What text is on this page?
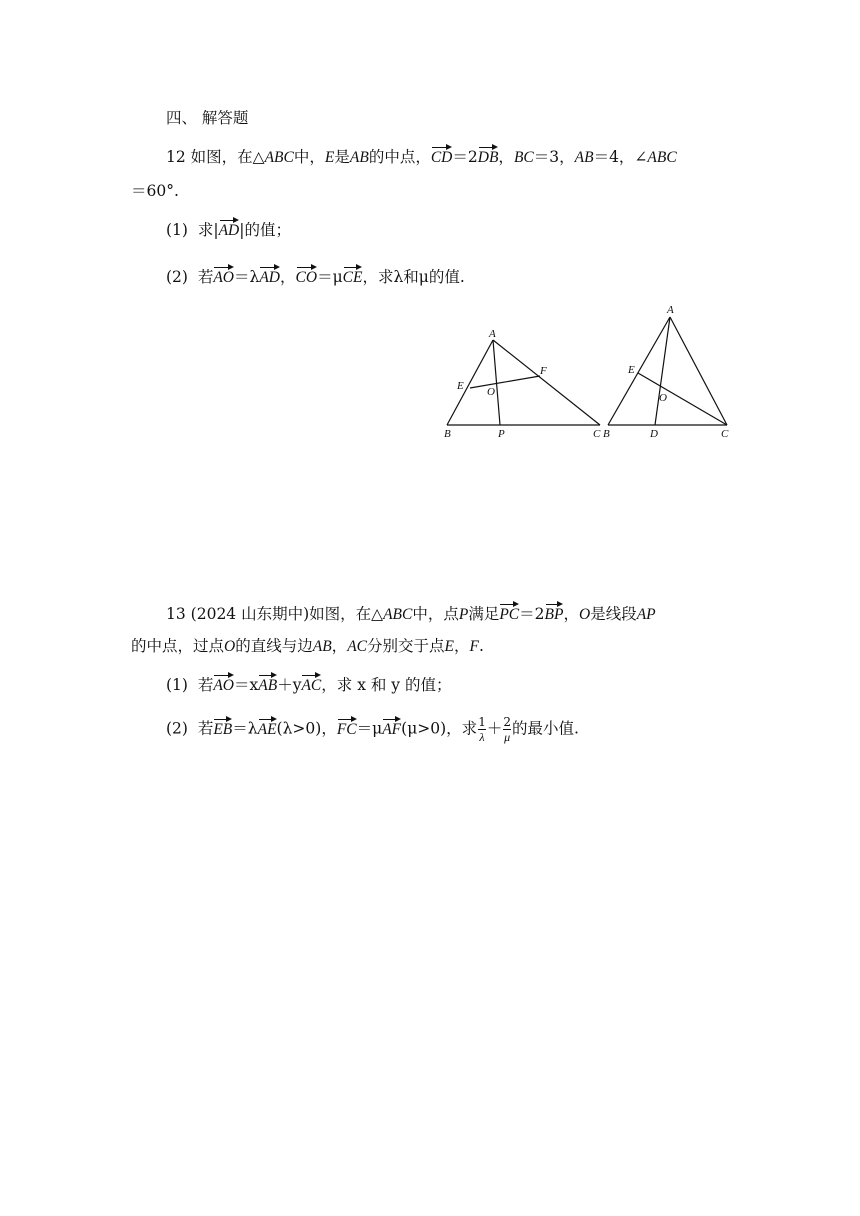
四、 解答题
12 如图，在△ABC中，E是AB的中点，CD＝2DB，BC＝3，AB＝4，∠ABC
＝60°.
(1) 求|AD|的值；
(2) 若AO＝λAD，CO＝μCE，求λ和μ的值.
A
E
F
O
B	P	C
A
E
O
B	D	C
13 (2024 山东期中)如图，在△ABC中，点P满足PC＝2BP，O是线段AP
的中点，过点O的直线与边AB，AC分别交于点E，F.
(1) 若AO＝xAB＋yAC，求 x 和 y 的值；
(2) 若EB＝λAE(λ>0)，FC＝μAF(μ>0)，求 $\frac{1}{\lambda} + \frac{2}{\mu}$ 的最小值.
